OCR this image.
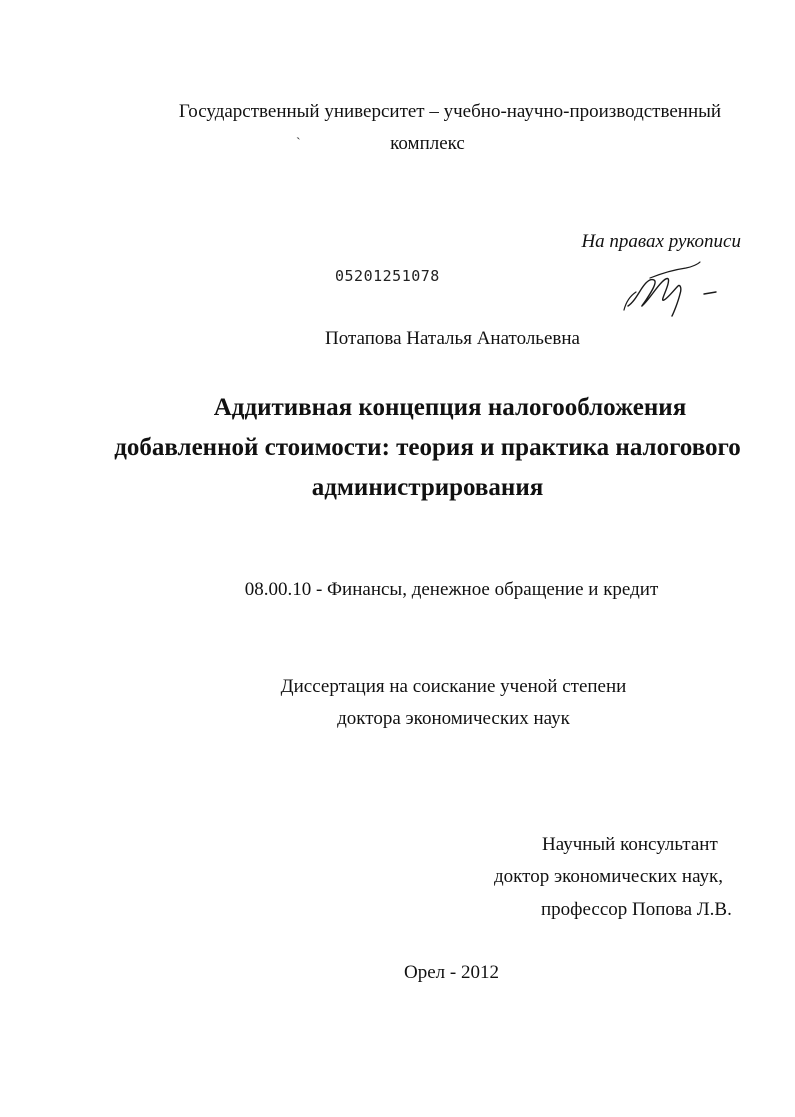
Государственный университет – учебно-научно-производственный
`	комплекс
На правах рукописи
05201251078
Потапова Наталья Анатольевна
Аддитивная концепция налогообложения
добавленной стоимости: теория и практика налогового
администрирования
08.00.10 - Финансы, денежное обращение и кредит
Диссертация на соискание ученой степени
доктора экономических наук
Научный консультант
доктор экономических наук,
профессор Попова Л.В.
Орел - 2012
